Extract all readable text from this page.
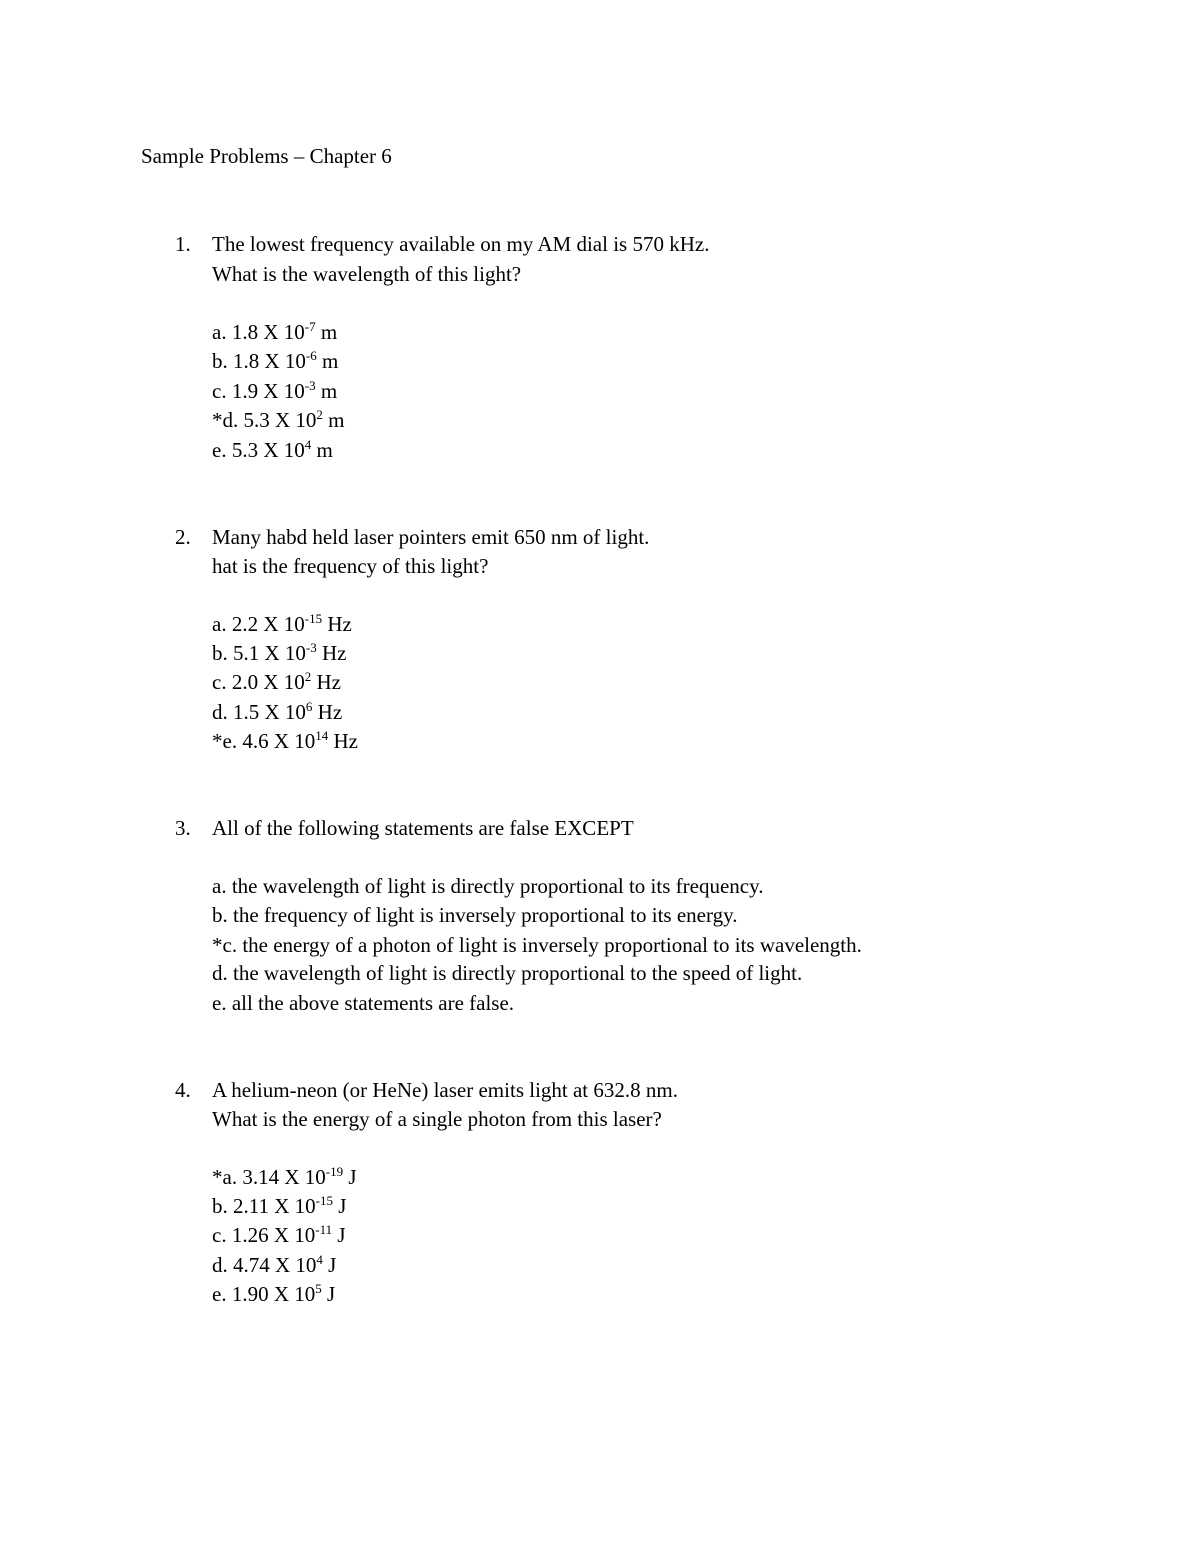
Sample Problems – Chapter 6
1. The lowest frequency available on my AM dial is 570 kHz.
What is the wavelength of this light?
a. 1.8 X $10^{-7}$ m
b. 1.8 X $10^{-6}$ m
c. 1.9 X $10^{-3}$ m
*d. 5.3 X $10^2$ m
e. 5.3 X $10^4$ m
2. Many habd held laser pointers emit 650 nm of light.
hat is the frequency of this light?
a. 2.2 X $10^{-15}$ Hz
b. 5.1 X $10^{-3}$ Hz
c. 2.0 X $10^2$ Hz
d. 1.5 X $10^6$ Hz
*e. 4.6 X $10^{14}$ Hz
3. All of the following statements are false EXCEPT
a. the wavelength of light is directly proportional to its frequency.
b. the frequency of light is inversely proportional to its energy.
*c. the energy of a photon of light is inversely proportional to its wavelength.
d. the wavelength of light is directly proportional to the speed of light.
e. all the above statements are false.
4. A helium-neon (or HeNe) laser emits light at 632.8 nm.
What is the energy of a single photon from this laser?
*a. 3.14 X $10^{-19}$ J
b. 2.11 X $10^{-15}$ J
c. 1.26 X $10^{-11}$ J
d. 4.74 X $10^4$ J
e. 1.90 X $10^5$ J
